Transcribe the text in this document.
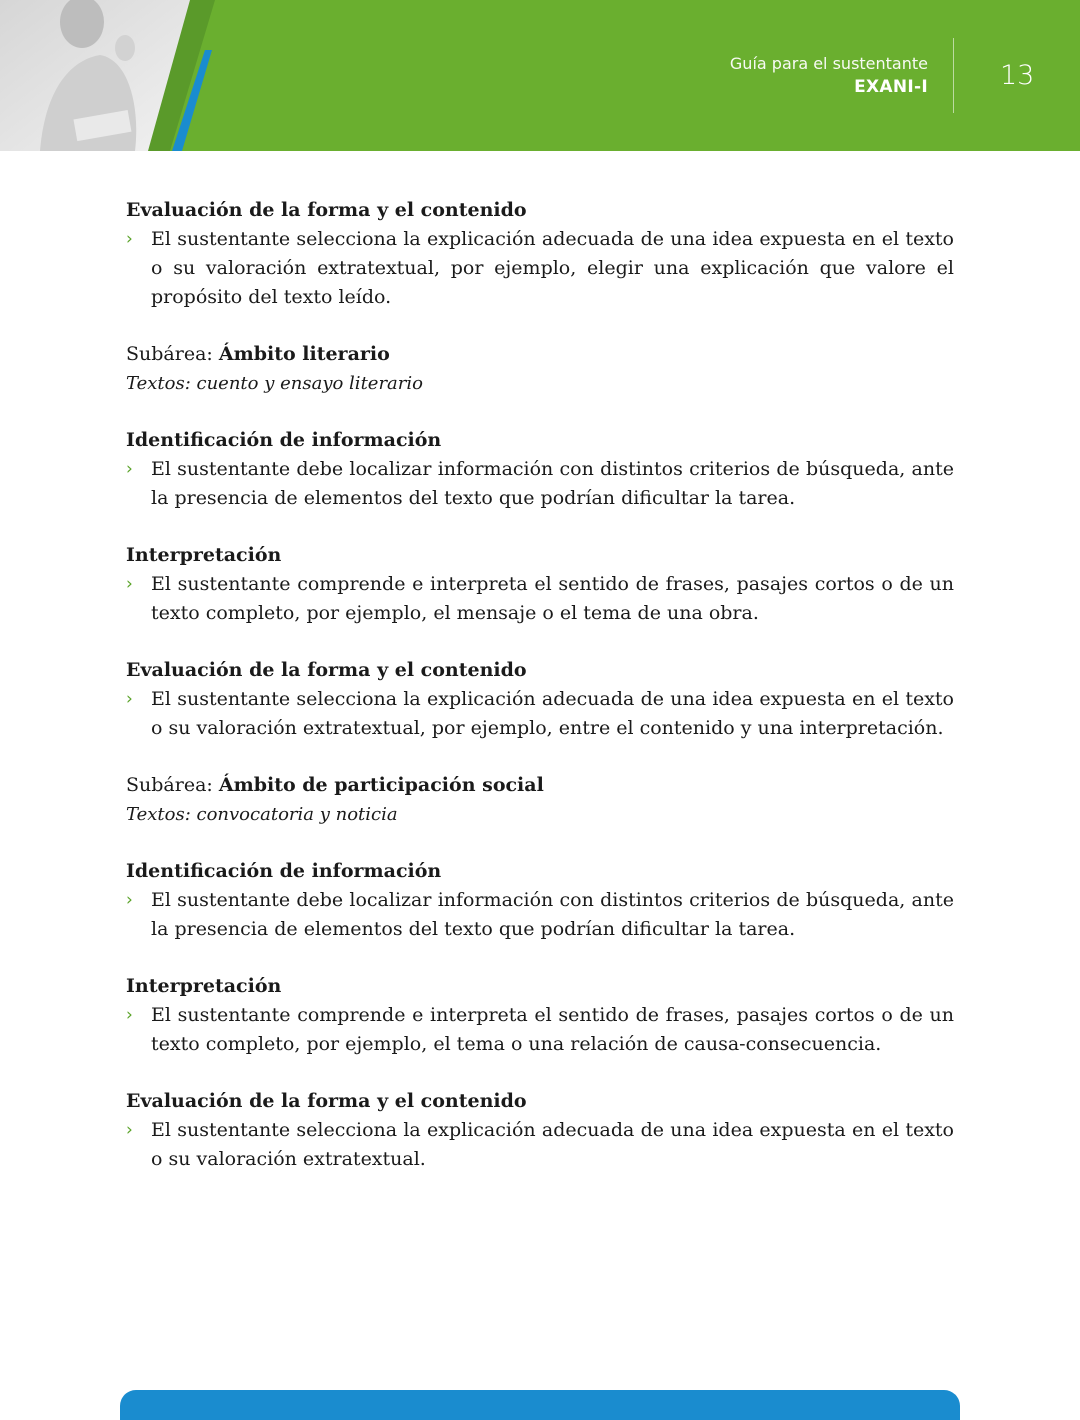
Guía para el sustentante
EXANI-I	13

Evaluación de la forma y el contenido

› El sustentante selecciona la explicación adecuada de una idea expuesta en el texto o su valoración extratextual, por ejemplo, elegir una explicación que valore el propósito del texto leído.

Subárea: Ámbito literario

Textos: cuento y ensayo literario

Identificación de información

› El sustentante debe localizar información con distintos criterios de búsqueda, ante la presencia de elementos del texto que podrían dificultar la tarea.

Interpretación

› El sustentante comprende e interpreta el sentido de frases, pasajes cortos o de un texto completo, por ejemplo, el mensaje o el tema de una obra.

Evaluación de la forma y el contenido

› El sustentante selecciona la explicación adecuada de una idea expuesta en el texto o su valoración extratextual, por ejemplo, entre el contenido y una interpretación.

Subárea: Ámbito de participación social

Textos: convocatoria y noticia

Identificación de información

› El sustentante debe localizar información con distintos criterios de búsqueda, ante la presencia de elementos del texto que podrían dificultar la tarea.

Interpretación

› El sustentante comprende e interpreta el sentido de frases, pasajes cortos o de un texto completo, por ejemplo, el tema o una relación de causa-consecuencia.

Evaluación de la forma y el contenido

› El sustentante selecciona la explicación adecuada de una idea expuesta en el texto o su valoración extratextual.
